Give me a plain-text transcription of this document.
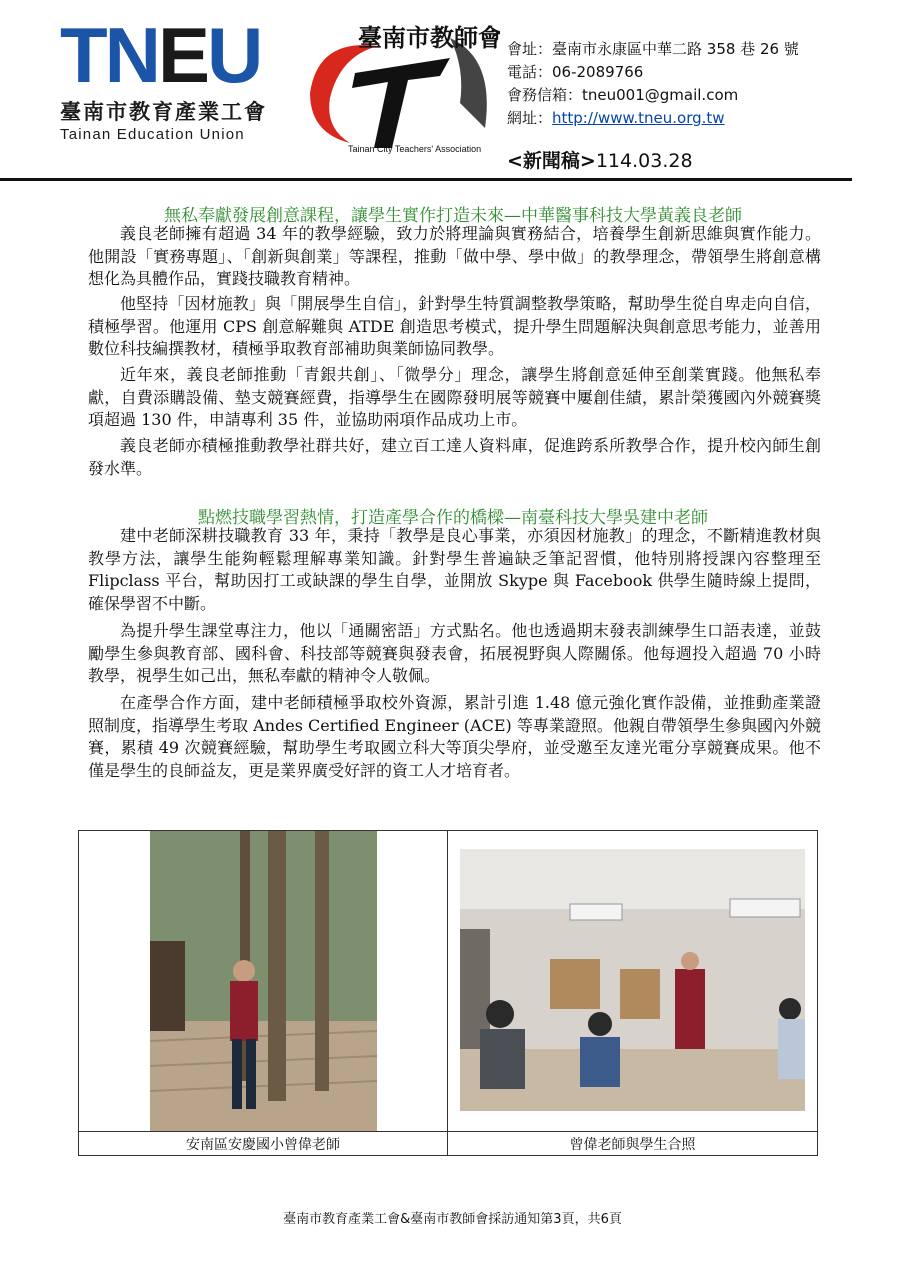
TNEU
臺南市教育產業工會
Tainan Education Union
臺南市教師會
Tainan City Teachers' Association
會址：臺南市永康區中華二路 358 巷 26 號
電話：06-2089766
會務信箱：tneu001@gmail.com
網址：http://www.tneu.org.tw
<新聞稿>114.03.28
無私奉獻發展創意課程，讓學生實作打造未來—中華醫事科技大學黃義良老師
義良老師擁有超過 34 年的教學經驗，致力於將理論與實務結合，培養學生創新思維與實作能力。他開設「實務專題」、「創新與創業」等課程，推動「做中學、學中做」的教學理念，帶領學生將創意構想化為具體作品，實踐技職教育精神。
他堅持「因材施教」與「開展學生自信」，針對學生特質調整教學策略，幫助學生從自卑走向自信，積極學習。他運用 CPS 創意解難與 ATDE 創造思考模式，提升學生問題解決與創意思考能力，並善用數位科技編撰教材，積極爭取教育部補助與業師協同教學。
近年來，義良老師推動「青銀共創」、「微學分」理念，讓學生將創意延伸至創業實踐。他無私奉獻，自費添購設備、墊支競賽經費，指導學生在國際發明展等競賽中屢創佳績，累計榮獲國內外競賽獎項超過 130 件，申請專利 35 件，並協助兩項作品成功上市。
義良老師亦積極推動教學社群共好，建立百工達人資料庫，促進跨系所教學合作，提升校內師生創發水準。
點燃技職學習熱情，打造產學合作的橋樑—南臺科技大學吳建中老師
建中老師深耕技職教育 33 年，秉持「教學是良心事業，亦須因材施教」的理念，不斷精進教材與教學方法，讓學生能夠輕鬆理解專業知識。針對學生普遍缺乏筆記習慣，他特別將授課內容整理至 Flipclass 平台，幫助因打工或缺課的學生自學，並開放 Skype 與 Facebook 供學生隨時線上提問，確保學習不中斷。
為提升學生課堂專注力，他以「通關密語」方式點名。他也透過期末發表訓練學生口語表達，並鼓勵學生參與教育部、國科會、科技部等競賽與發表會，拓展視野與人際關係。他每週投入超過 70 小時教學，視學生如己出，無私奉獻的精神令人敬佩。
在產學合作方面，建中老師積極爭取校外資源，累計引進 1.48 億元強化實作設備，並推動產業證照制度，指導學生考取 Andes Certified Engineer (ACE) 等專業證照。他親自帶領學生參與國內外競賽，累積 49 次競賽經驗，幫助學生考取國立科大等頂尖學府，並受邀至友達光電分享競賽成果。他不僅是學生的良師益友，更是業界廣受好評的資工人才培育者。
安南區安慶國小曾偉老師	曾偉老師與學生合照
臺南市教育產業工會&臺南市教師會採訪通知第3頁，共6頁
